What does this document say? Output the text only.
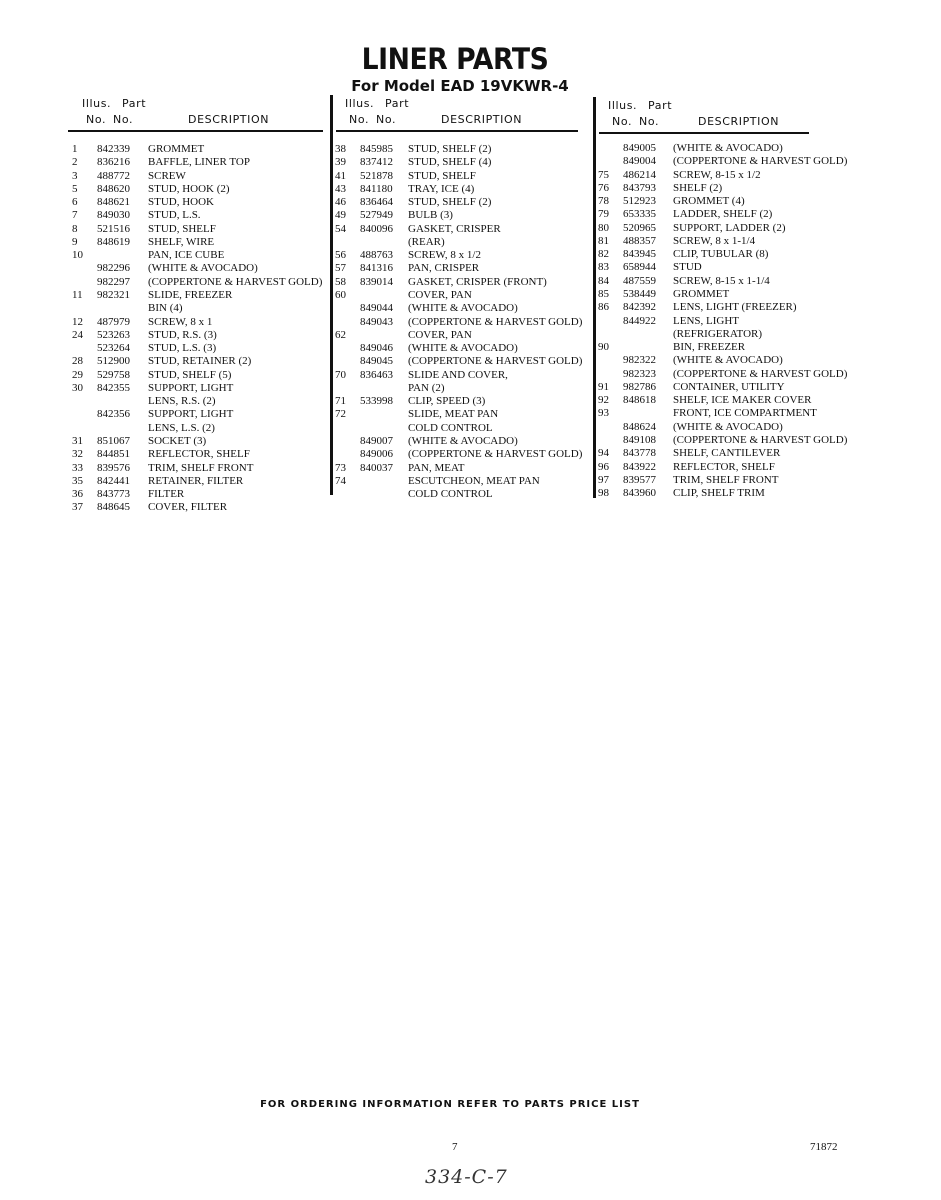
LINER PARTS
For Model EAD 19VKWR-4
Illus. Part
No. No.	DESCRIPTION
1 842339 GROMMET
2 836216 BAFFLE, LINER TOP
3 488772 SCREW
5 848620 STUD, HOOK (2)
6 848621 STUD, HOOK
7 849030 STUD, L.S.
8 521516 STUD, SHELF
9 848619 SHELF, WIRE
10	PAN, ICE CUBE
982296 (WHITE & AVOCADO)
982297 (COPPERTONE & HARVEST GOLD)
11 982321 SLIDE, FREEZER
BIN (4)
12 487979 SCREW, 8 x 1
24 523263 STUD, R.S. (3)
523264 STUD, L.S. (3)
28 512900 STUD, RETAINER (2)
29 529758 STUD, SHELF (5)
30 842355 SUPPORT, LIGHT
LENS, R.S. (2)
842356 SUPPORT, LIGHT
LENS, L.S. (2)
31 851067 SOCKET (3)
32 844851 REFLECTOR, SHELF
33 839576 TRIM, SHELF FRONT
35 842441 RETAINER, FILTER
36 843773 FILTER
37 848645 COVER, FILTER
Illus. Part
No. No.	DESCRIPTION
38 845985 STUD, SHELF (2)
39 837412 STUD, SHELF (4)
41 521878 STUD, SHELF
43 841180 TRAY, ICE (4)
46 836464 STUD, SHELF (2)
49 527949 BULB (3)
54 840096 GASKET, CRISPER
(REAR)
56 488763 SCREW, 8 x 1/2
57 841316 PAN, CRISPER
58 839014 GASKET, CRISPER (FRONT)
60	COVER, PAN
849044 (WHITE & AVOCADO)
849043 (COPPERTONE & HARVEST GOLD)
62	COVER, PAN
849046 (WHITE & AVOCADO)
849045 (COPPERTONE & HARVEST GOLD)
70 836463 SLIDE AND COVER,
PAN (2)
71 533998 CLIP, SPEED (3)
72	SLIDE, MEAT PAN
COLD CONTROL
849007 (WHITE & AVOCADO)
849006 (COPPERTONE & HARVEST GOLD)
73 840037 PAN, MEAT
74	ESCUTCHEON, MEAT PAN
COLD CONTROL
Illus. Part
No. No.	DESCRIPTION
849005 (WHITE & AVOCADO)
849004 (COPPERTONE & HARVEST GOLD)
75 486214 SCREW, 8-15 x 1/2
76 843793 SHELF (2)
78 512923 GROMMET (4)
79 653335 LADDER, SHELF (2)
80 520965 SUPPORT, LADDER (2)
81 488357 SCREW, 8 x 1-1/4
82 843945 CLIP, TUBULAR (8)
83 658944 STUD
84 487559 SCREW, 8-15 x 1-1/4
85 538449 GROMMET
86 842392 LENS, LIGHT (FREEZER)
844922 LENS, LIGHT
(REFRIGERATOR)
90	BIN, FREEZER
982322 (WHITE & AVOCADO)
982323 (COPPERTONE & HARVEST GOLD)
91 982786 CONTAINER, UTILITY
92 848618 SHELF, ICE MAKER COVER
93	FRONT, ICE COMPARTMENT
848624 (WHITE & AVOCADO)
849108 (COPPERTONE & HARVEST GOLD)
94 843778 SHELF, CANTILEVER
96 843922 REFLECTOR, SHELF
97 839577 TRIM, SHELF FRONT
98 843960 CLIP, SHELF TRIM
FOR ORDERING INFORMATION REFER TO PARTS PRICE LIST
7	71872
334-C-7
